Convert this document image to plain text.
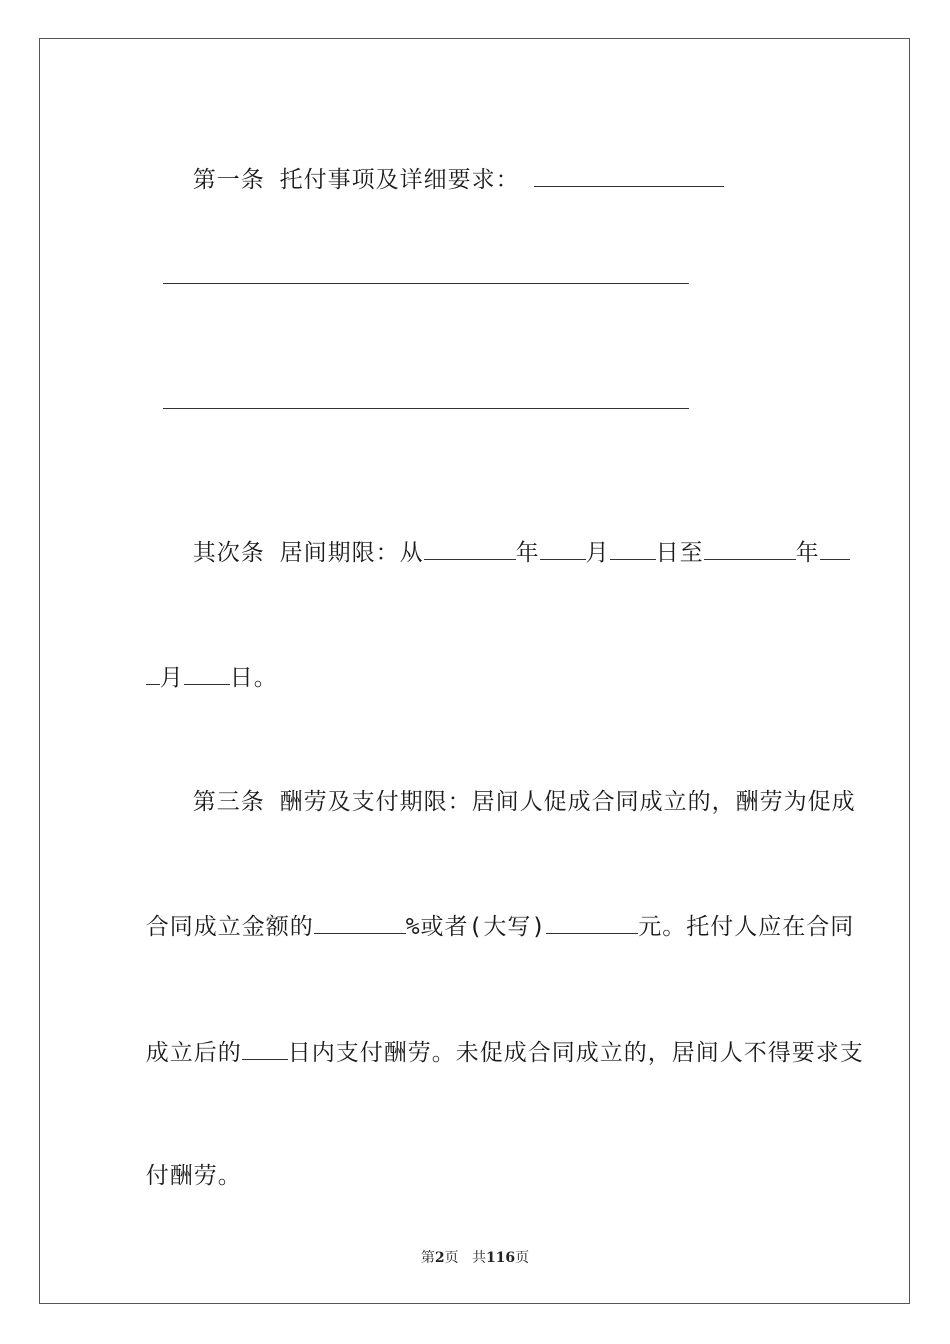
第一条 托付事项及详细要求：

其次条 居间期限：从	年 月 日至	年

月 日。

第三条 酬劳及支付期限：居间人促成合同成立的，酬劳为促成

合同成立金额的	%或者(大写)	元。托付人应在合同

成立后的 日内支付酬劳。未促成合同成立的，居间人不得要求支

付酬劳。

第2页 共116页
